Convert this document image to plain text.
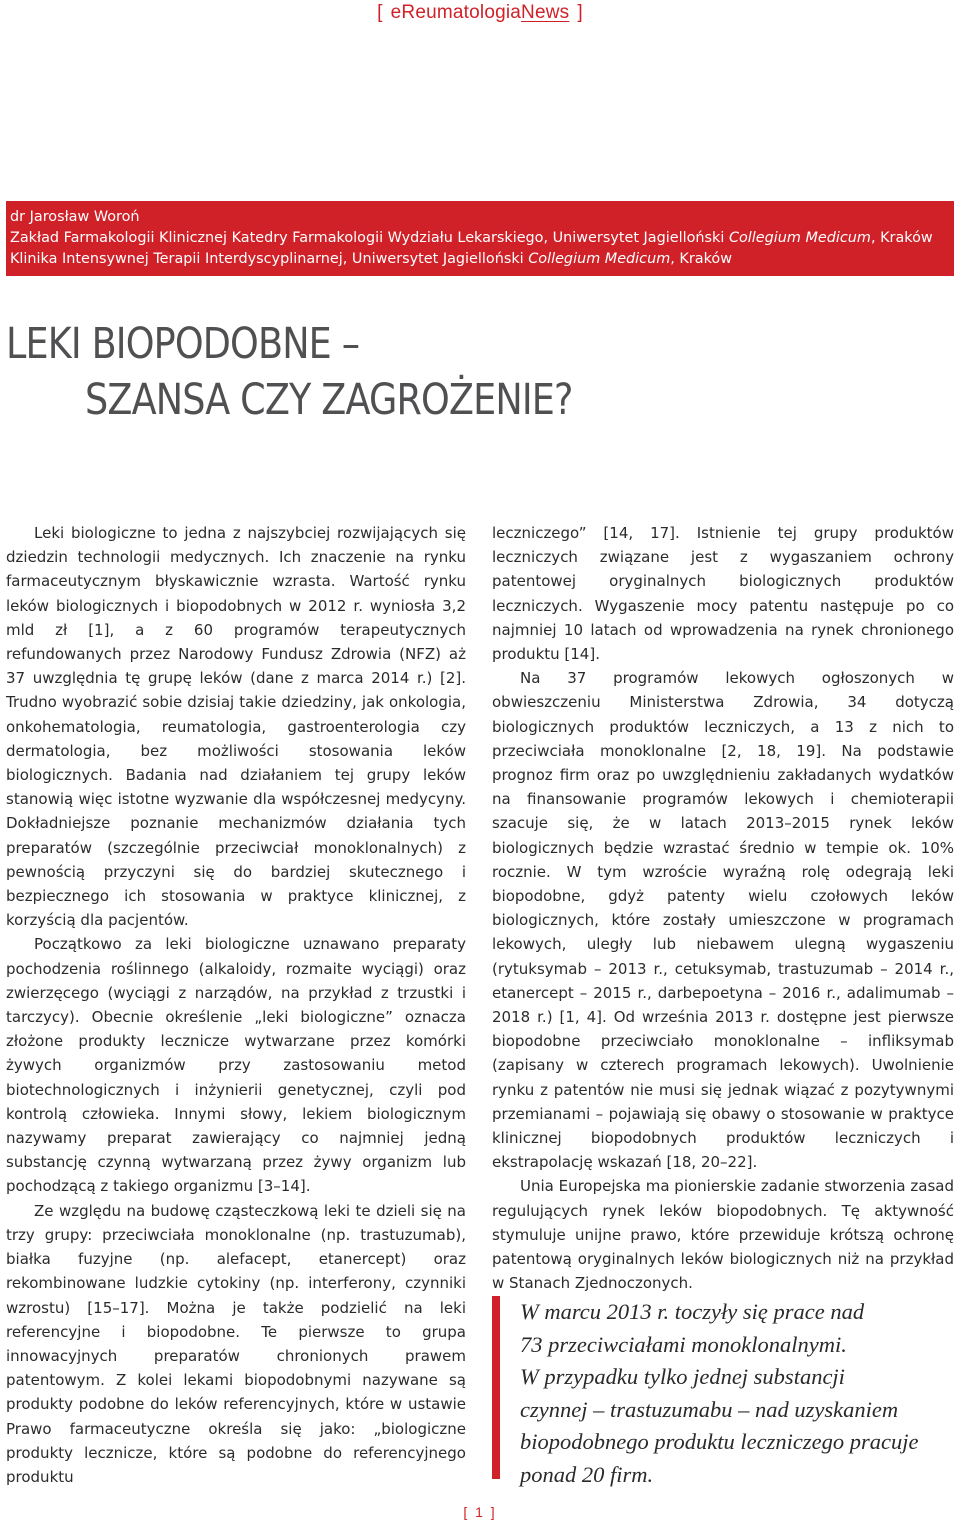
[ eReumatologiaNews ]
dr Jarosław Woroń
Zakład Farmakologii Klinicznej Katedry Farmakologii Wydziału Lekarskiego, Uniwersytet Jagielloński Collegium Medicum, Kraków
Klinika Intensywnej Terapii Interdyscyplinarnej, Uniwersytet Jagielloński Collegium Medicum, Kraków
LEKI BIOPODOBNE –
SZANSA CZY ZAGROŻENIE?

Leki biologiczne to jedna z najszybciej rozwijających się dziedzin technologii medycznych. Ich znaczenie na rynku farmaceutycznym błyskawicznie wzrasta. Wartość rynku leków biologicznych i biopodobnych w 2012 r. wyniosła 3,2 mld zł [1], a z 60 programów terapeutycznych refundowanych przez Narodowy Fundusz Zdrowia (NFZ) aż 37 uwzględnia tę grupę leków (dane z marca 2014 r.) [2]. Trudno wyobrazić sobie dzisiaj takie dziedziny, jak onkologia, onkohematologia, reumatologia, gastroenterologia czy dermatologia, bez możliwości stosowania leków biologicznych. Badania nad działaniem tej grupy leków stanowią więc istotne wyzwanie dla współczesnej medycyny. Dokładniejsze poznanie mechanizmów działania tych preparatów (szczególnie przeciwciał monoklonalnych) z pewnością przyczyni się do bardziej skutecznego i bezpiecznego ich stosowania w praktyce klinicznej, z korzyścią dla pacjentów.

Początkowo za leki biologiczne uznawano preparaty pochodzenia roślinnego (alkaloidy, rozmaite wyciągi) oraz zwierzęcego (wyciągi z narządów, na przykład z trzustki i tarczycy). Obecnie określenie „leki biologiczne” oznacza złożone produkty lecznicze wytwarzane przez komórki żywych organizmów przy zastosowaniu metod biotechnologicznych i inżynierii genetycznej, czyli pod kontrolą człowieka. Innymi słowy, lekiem biologicznym nazywamy preparat zawierający co najmniej jedną substancję czynną wytwarzaną przez żywy organizm lub pochodzącą z takiego organizmu [3–14].

Ze względu na budowę cząsteczkową leki te dzieli się na trzy grupy: przeciwciała monoklonalne (np. trastuzumab), białka fuzyjne (np. alefacept, etanercept) oraz rekombinowane ludzkie cytokiny (np. interferony, czynniki wzrostu) [15–17]. Można je także podzielić na leki referencyjne i biopodobne. Te pierwsze to grupa innowacyjnych preparatów chronionych prawem patentowym. Z kolei lekami biopodobnymi nazywane są produkty podobne do leków referencyjnych, które w ustawie Prawo farmaceutyczne określa się jako: „biologiczne produkty lecznicze, które są podobne do referencyjnego produktu

leczniczego” [14, 17]. Istnienie tej grupy produktów leczniczych związane jest z wygaszaniem ochrony patentowej oryginalnych biologicznych produktów leczniczych. Wygaszenie mocy patentu następuje po co najmniej 10 latach od wprowadzenia na rynek chronionego produktu [14].

Na 37 programów lekowych ogłoszonych w obwieszczeniu Ministerstwa Zdrowia, 34 dotyczą biologicznych produktów leczniczych, a 13 z nich to przeciwciała monoklonalne [2, 18, 19]. Na podstawie prognoz firm oraz po uwzględnieniu zakładanych wydatków na finansowanie programów lekowych i chemioterapii szacuje się, że w latach 2013–2015 rynek leków biologicznych będzie wzrastać średnio w tempie ok. 10% rocznie. W tym wzroście wyraźną rolę odegrają leki biopodobne, gdyż patenty wielu czołowych leków biologicznych, które zostały umieszczone w programach lekowych, uległy lub niebawem ulegną wygaszeniu (rytuksymab – 2013 r., cetuksymab, trastuzumab – 2014 r., etanercept – 2015 r., darbepoetyna – 2016 r., adalimumab – 2018 r.) [1, 4]. Od września 2013 r. dostępne jest pierwsze biopodobne przeciwciało monoklonalne – infliksymab (zapisany w czterech programach lekowych). Uwolnienie rynku z patentów nie musi się jednak wiązać z pozytywnymi przemianami – pojawiają się obawy o stosowanie w praktyce klinicznej biopodobnych produktów leczniczych i ekstrapolację wskazań [18, 20–22].

Unia Europejska ma pionierskie zadanie stworzenia zasad regulujących rynek leków biopodobnych. Tę aktywność stymuluje unijne prawo, które przewiduje krótszą ochronę patentową oryginalnych leków biologicznych niż na przykład w Stanach Zjednoczonych.

W marcu 2013 r. toczyły się prace nad
73 przeciwciałami monoklonalnymi.
W przypadku tylko jednej substancji
czynnej – trastuzumabu – nad uzyskaniem
biopodobnego produktu leczniczego pracuje
ponad 20 firm.
[ 1 ]
